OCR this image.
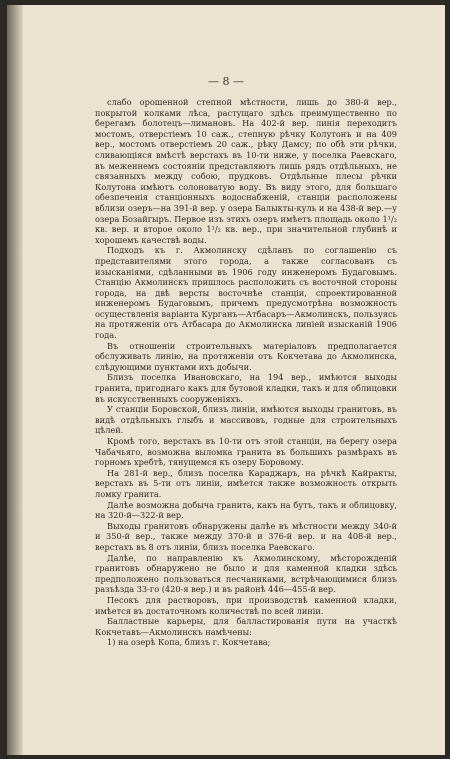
— 8 —

слабо орошенной степной мѣстности, лишь до 380-й вер., покрытой колками лѣса, растущаго здѣсь преимущественно по берегамъ болотецъ—лимановъ. На 402-й вер. линія переходитъ мостомъ, отверстіемъ 10 саж., степную рѣчку Колутонъ и на 409 вер., мостомъ отверстіемъ 20 саж., рѣку Дамсу; по обѣ эти рѣчки, сливающіяся вмѣстѣ верстахъ въ 10-ти ниже, у поселка Раевскаго, въ меженнемъ состояніи представляютъ лишь рядъ отдѣльныхъ, не связанныхъ между собою, прудковъ. Отдѣльные плесы рѣчки Колутона имѣютъ солоноватую воду. Въ виду этого, для большаго обезпеченія станціонныхъ водоснабженій, станціи расположены вблизи озеръ—на 391-й вер. у озера Балыкты-куль и на 438-й вер.—у озера Бозайгыръ. Первое изъ этихъ озеръ имѣетъ площадь около 1¹/₂ кв. вер. и второе около 1¹/₂ кв. вер., при значительной глубинѣ и хорошемъ качествѣ воды.

Подходъ къ г. Акмолинску сдѣланъ по соглашенію съ представителями этого города, а также согласованъ съ изысканіями, сдѣланными въ 1906 году инженеромъ Будаговымъ. Станцію Акмолинскъ пришлось расположить съ восточной стороны города, на двѣ версты восточнѣе станціи, спроектированной инженеромъ Будаговымъ, причемъ предусмотрѣна возможность осуществленія варіанта Курганъ—Атбасаръ—Акмолинскъ, пользуясь на протяженіи отъ Атбасара до Акмолинска линіей изысканій 1906 года.

Въ отношеніи строительныхъ матеріаловъ предполагается обслуживать линію, на протяженіи отъ Кокчетава до Акмолинска, слѣдующими пунктами ихъ добычи.

Близъ поселка Ивановскаго, на 194 вер., имѣются выходы гранита, пригоднаго какъ для бутовой кладки, такъ и для облицовки въ искусственныхъ сооруженіяхъ.

У станціи Боровской, близъ линіи, имѣются выходы гранитовъ, въ видѣ отдѣльныхъ глыбъ и массивовъ, годные для строительныхъ цѣлей.

Кромѣ того, верстахъ въ 10-ти отъ этой станціи, на берегу озера Чабачьяго, возможна выломка гранита въ большихъ размѣрахъ въ горномъ хребтѣ, тянущемся къ озеру Боровому.

На 281-й вер., близъ поселка Караджаръ, на рѣчкѣ Кайракты, верстахъ въ 5-ти отъ линіи, имѣется также возможность открыть ломку гранита.

Далѣе возможна добыча гранита, какъ на бутъ, такъ и облицовку, на 320-й—322-й вер.

Выходы гранитовъ обнаружены далѣе въ мѣстности между 340-й и 350-й вер., также между 370-й и 376-й вер. и на 408-й вер., верстахъ въ 8 отъ линіи, близъ поселка Раевскаго.

Далѣе, по направленію къ Акмолинскому, мѣсторожденій гранитовъ обнаружено не было и для каменной кладки здѣсь предположено пользоваться песчаниками, встрѣчающимися близъ разъѣзда 33-го (420-я вер.) и въ районѣ 446—455-й вер.

Песокъ для растворовъ, при производствѣ каменной кладки, имѣется въ достаточномъ количествѣ по всей линіи.

Балластные карьеры, для балластированія пути на участкѣ Кокчетавъ—Акмолинскъ намѣчены:

1) на озерѣ Копа, близъ г. Кокчетава;
